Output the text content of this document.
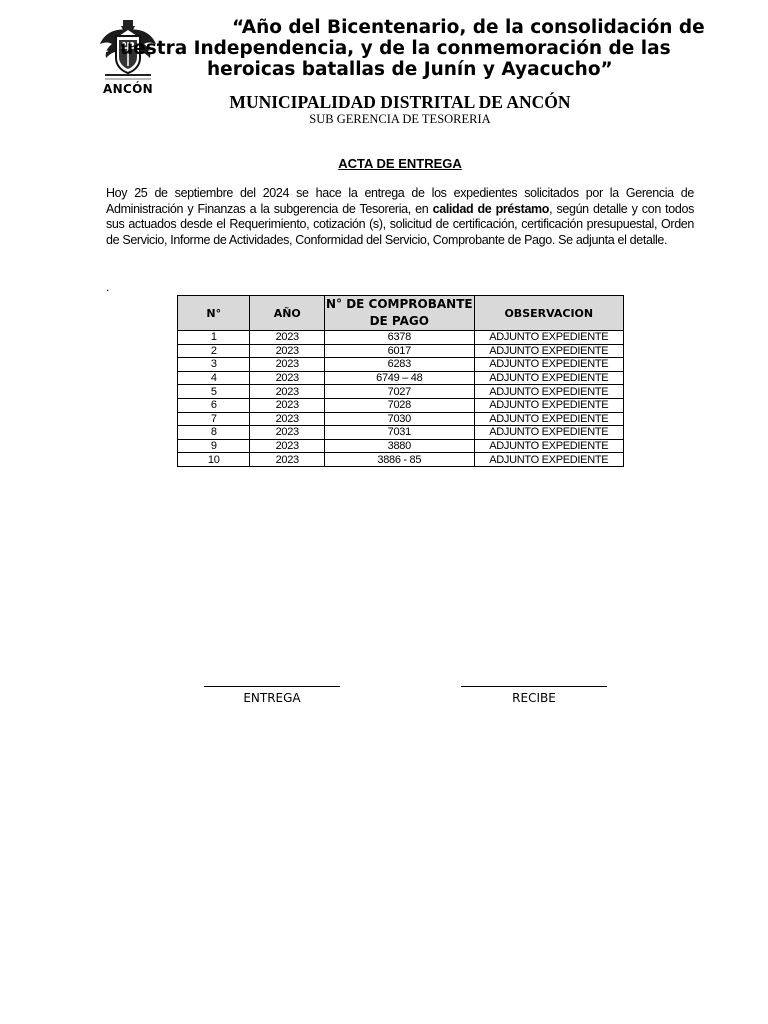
ANCÓN
“Año del Bicentenario, de la consolidación de
uestra Independencia, y de la conmemoración de las
heroicas batallas de Junín y Ayacucho”
MUNICIPALIDAD DISTRITAL DE ANCÓN
SUB GERENCIA DE TESORERIA
ACTA DE ENTREGA
Hoy 25 de septiembre del 2024 se hace la entrega de los expedientes solicitados por la Gerencia de Administración y Finanzas a la subgerencia de Tesoreria, en calidad de préstamo, según detalle y con todos sus actuados desde el Requerimiento, cotización (s), solicitud de certificación, certificación presupuestal, Orden de Servicio, Informe de Actividades, Conformidad del Servicio, Comprobante de Pago. Se adjunta el detalle.
.
N°	AÑO	N° DE COMPROBANTE DE PAGO	OBSERVACION
1	2023	6378	ADJUNTO EXPEDIENTE
2	2023	6017	ADJUNTO EXPEDIENTE
3	2023	6283	ADJUNTO EXPEDIENTE
4	2023	6749 – 48	ADJUNTO EXPEDIENTE
5	2023	7027	ADJUNTO EXPEDIENTE
6	2023	7028	ADJUNTO EXPEDIENTE
7	2023	7030	ADJUNTO EXPEDIENTE
8	2023	7031	ADJUNTO EXPEDIENTE
9	2023	3880	ADJUNTO EXPEDIENTE
10	2023	3886 - 85	ADJUNTO EXPEDIENTE
ENTREGA	RECIBE
